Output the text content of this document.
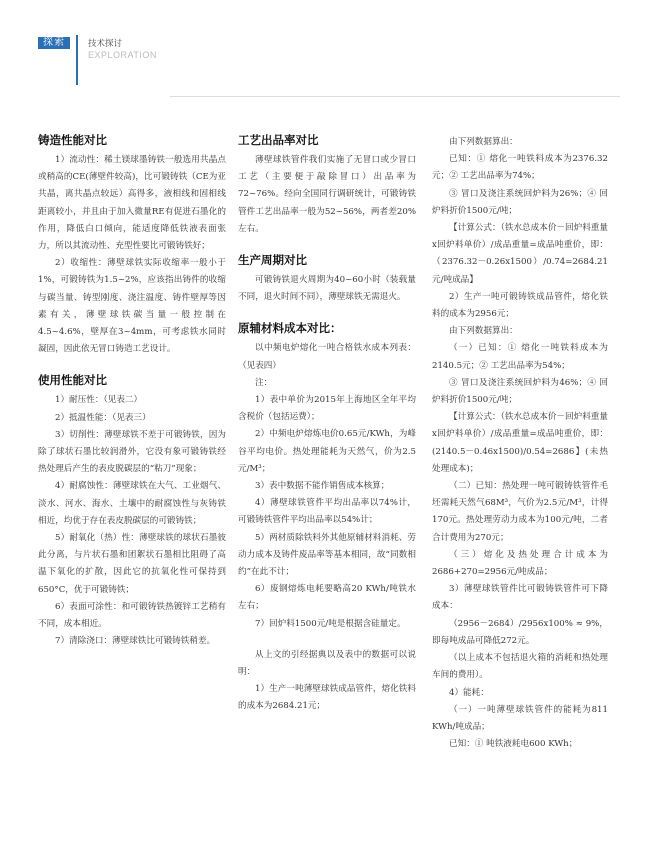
探索	技术探讨
EXPLORATION
铸造性能对比

1）流动性：稀土镁球墨铸铁一般选用共晶点或稍高的CE(薄壁件较高)，比可锻铸铁（CE为亚共晶，离共晶点较远）高得多，液相线和固相线距离较小，并且由于加入微量RE有促进石墨化的作用，降低白口倾向，能适度降低铁液表面张力，所以其流动性、充型性要比可锻铸铁好；

2）收缩性：薄壁球铁实际收缩率一般小于1%，可锻铸铁为1.5~2%，应该指出铸件的收缩与碳当量、铸型刚度、浇注温度、铸件壁厚等因素有关，薄壁球铁碳当量一般控制在4.5~4.6%，壁厚在3~4mm，可考虑铁水同时凝固，因此依无冒口铸造工艺设计。

使用性能对比

1）耐压性：（见表二）

2）抵温性能：（见表三）

3）切削性：薄壁球铁不差于可锻铸铁，因为除了球状石墨比较润滑外，它没有象可锻铸铁经热处理后产生的表皮脱碳层的“粘刀”现象；

4）耐腐蚀性：薄壁球铁在大气、工业烟气、淡水、河水、海水、土壤中的耐腐蚀性与灰铸铁相近，均优于存在表皮脱碳层的可锻铸铁；

5）耐氧化（热）性：薄壁球铁的球状石墨彼此分离，与片状石墨和团絮状石墨相比阻碍了高温下氧化的扩散，因此它的抗氧化性可保持到650°C，优于可锻铸铁；

6）表面可涂性：和可锻铸铁热镀锌工艺稍有不同，成本相近。

7）清除浇口：薄壁球铁比可锻铸铁稍差。

工艺出品率对比

薄壁球铁管件我们实施了无冒口或少冒口工艺（主要便于敲除冒口）出品率为72~76%。经向全国同行调研统计，可锻铸铁管件工艺出品率一般为52~56%，两者差20%左右。

生产周期对比

可锻铸铁退火周期为40~60小时（装载量不同，退火时间不同），薄壁球铁无需退火。

原辅材料成本对比：

以中频电炉熔化一吨合格铁水成本列表：（见表四）

注：

1）表中单价为2015年上海地区全年平均含税价（包括运费）；

2）中频电炉熔炼电价0.65元/KWh，为峰谷平均电价。热处理能耗为天然气，价为2.5元/M³；

3）表中数据不能作销售成本核算；

4）薄壁球铁管件平均出品率以74%计，可锻铸铁管件平均出品率以54%计；

5）两材质除铁料外其他原辅材料消耗、劳动力成本及铸件废品率等基本相同，故“同数相约”在此不计；

6）废钢熔炼电耗要略高20 KWh/吨铁水左右；

7）回炉料1500元/吨是根据含硅量定。

从上文的引经据典以及表中的数据可以说明：

1）生产一吨薄壁球铁成品管件，熔化铁料的成本为2684.21元；

由下列数据算出：

已知：① 熔化一吨铁料成本为2376.32元；② 工艺出品率为74%；

③ 冒口及浇注系统回炉料为26%；④ 回炉料折价1500元/吨；

【计算公式：（铁水总成本价－回炉料重量x回炉料单价）/成品重量=成品吨重价，即：（2376.32－0.26x1500）/0.74=2684.21元/吨成品】

2）生产一吨可锻铸铁成品管件，熔化铁料的成本为2956元；

由下列数据算出：

（一）已知：① 熔化一吨铁料成本为2140.5元；② 工艺出品率为54%；

③ 冒口及浇注系统回炉料为46%；④ 回炉料折价1500元/吨；

【计算公式：（铁水总成本价－回炉料重量x回炉料单价）/成品重量=成品吨重价，即：(2140.5－0.46x1500)/0.54=2686】(未热处理成本)；

（二）已知：热处理一吨可锻铸铁管件毛坯需耗天然气68M³，气价为2.5元/M³，计得170元。热处理劳动力成本为100元/吨，二者合计费用为270元；

（三）熔化及热处理合计成本为2686+270=2956元/吨成品；

3）薄壁球铁管件比可锻铸铁管件可下降成本：

（2956－2684）/2956x100% ≈ 9%，即每吨成品可降低272元。

（以上成本不包括退火箱的消耗和热处理车间的费用）。

4）能耗：

（一）一吨薄壁球铁管件的能耗为811 KWh/吨成品；

已知：① 吨铁液耗电600 KWh；
